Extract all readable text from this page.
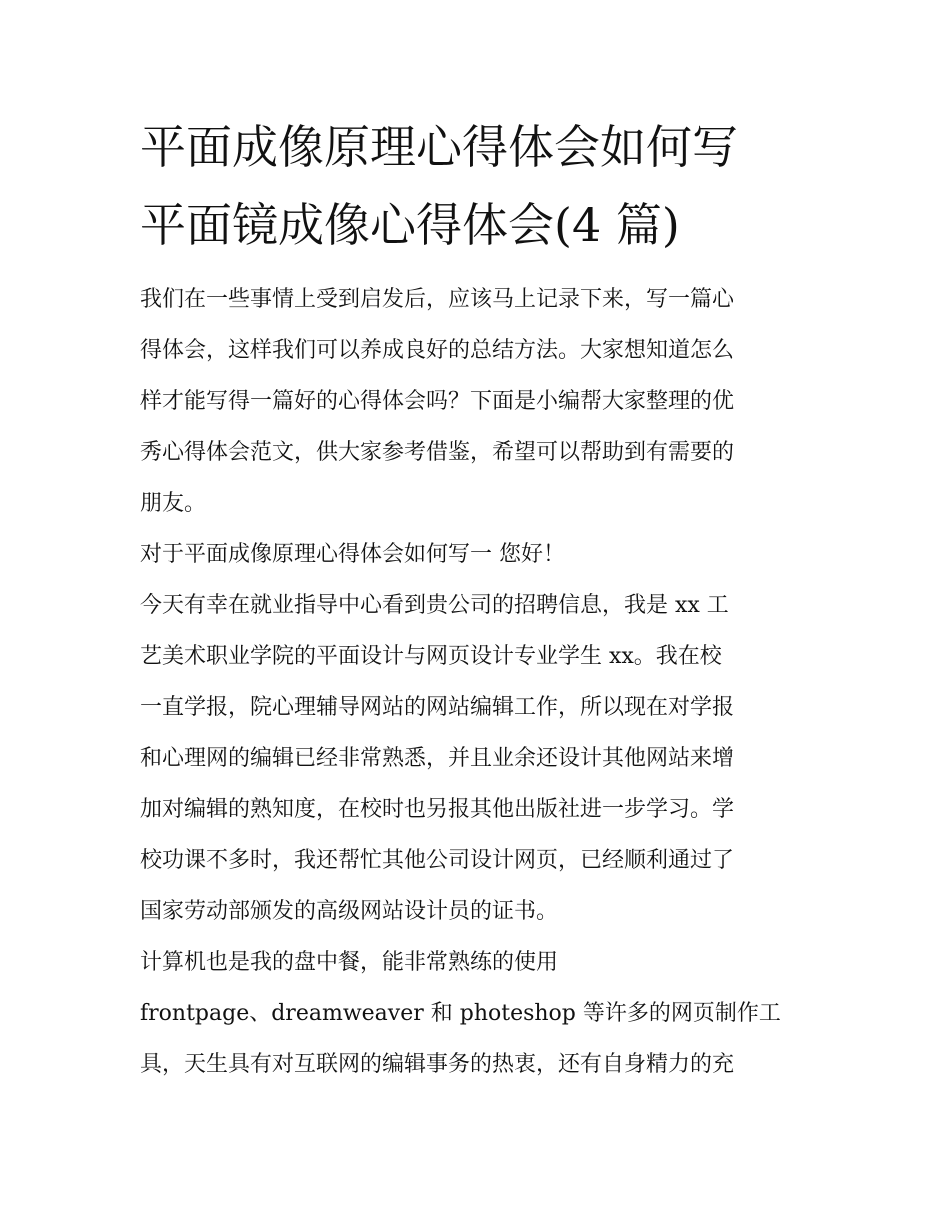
平面成像原理心得体会如何写
平面镜成像心得体会(4 篇)
我们在一些事情上受到启发后，应该马上记录下来，写一篇心
得体会，这样我们可以养成良好的总结方法。大家想知道怎么
样才能写得一篇好的心得体会吗？下面是小编帮大家整理的优
秀心得体会范文，供大家参考借鉴，希望可以帮助到有需要的
朋友。
对于平面成像原理心得体会如何写一 您好！
今天有幸在就业指导中心看到贵公司的招聘信息，我是 xx 工
艺美术职业学院的平面设计与网页设计专业学生 xx。我在校
一直学报，院心理辅导网站的网站编辑工作，所以现在对学报
和心理网的编辑已经非常熟悉，并且业余还设计其他网站来增
加对编辑的熟知度，在校时也另报其他出版社进一步学习。学
校功课不多时，我还帮忙其他公司设计网页，已经顺利通过了
国家劳动部颁发的高级网站设计员的证书。
计算机也是我的盘中餐，能非常熟练的使用
frontpage、dreamweaver 和 photeshop 等许多的网页制作工
具，天生具有对互联网的编辑事务的热衷，还有自身精力的充
